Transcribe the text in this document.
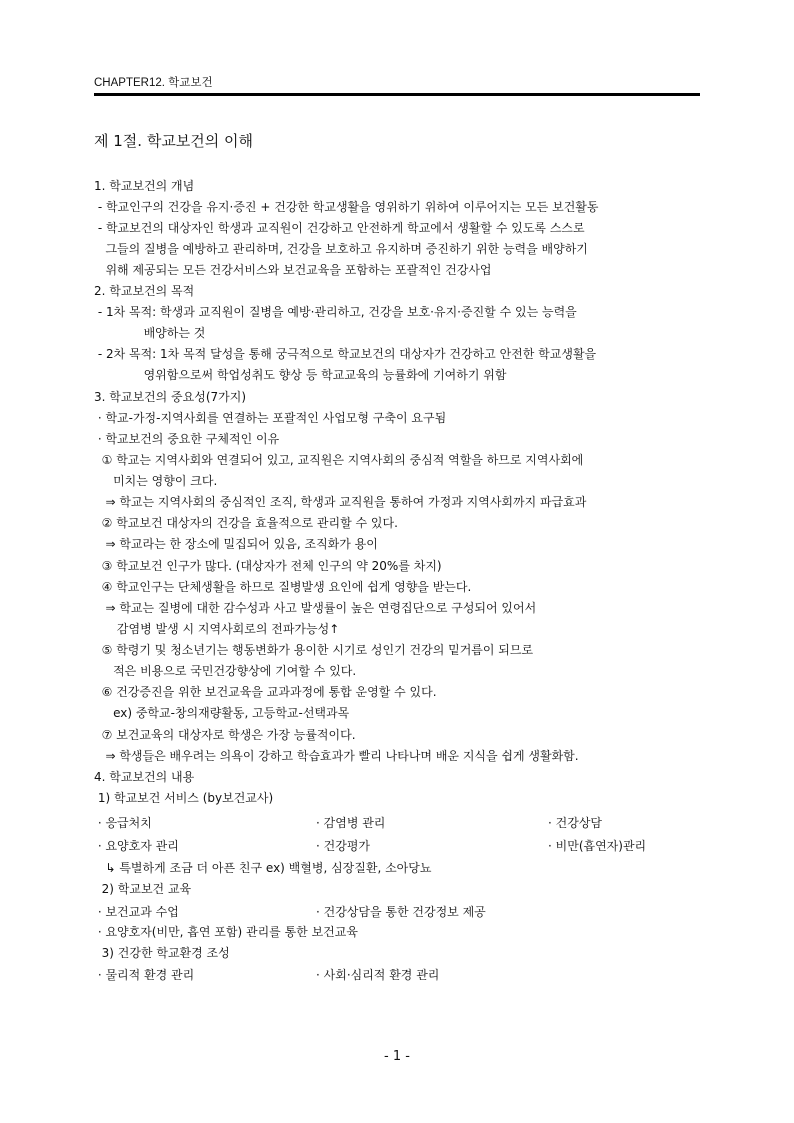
CHAPTER12. 학교보건
제 1절. 학교보건의 이해
1. 학교보건의 개념
- 학교인구의 건강을 유지·증진 + 건강한 학교생활을 영위하기 위하여 이루어지는 모든 보건활동
- 학교보건의 대상자인 학생과 교직원이 건강하고 안전하게 학교에서 생활할 수 있도록 스스로
그들의 질병을 예방하고 관리하며, 건강을 보호하고 유지하며 증진하기 위한 능력을 배양하기
위해 제공되는 모든 건강서비스와 보건교육을 포함하는 포괄적인 건강사업
2. 학교보건의 목적
- 1차 목적: 학생과 교직원이 질병을 예방·관리하고, 건강을 보호·유지·증진할 수 있는 능력을
배양하는 것
- 2차 목적: 1차 목적 달성을 통해 궁극적으로 학교보건의 대상자가 건강하고 안전한 학교생활을
영위함으로써 학업성취도 향상 등 학교교육의 능률화에 기여하기 위함
3. 학교보건의 중요성(7가지)
· 학교-가정-지역사회를 연결하는 포괄적인 사업모형 구축이 요구됨
· 학교보건의 중요한 구체적인 이유
① 학교는 지역사회와 연결되어 있고, 교직원은 지역사회의 중심적 역할을 하므로 지역사회에
미치는 영향이 크다.
⇒ 학교는 지역사회의 중심적인 조직, 학생과 교직원을 통하여 가정과 지역사회까지 파급효과
② 학교보건 대상자의 건강을 효율적으로 관리할 수 있다.
⇒ 학교라는 한 장소에 밀집되어 있음, 조직화가 용이
③ 학교보건 인구가 많다. (대상자가 전체 인구의 약 20%를 차지)
④ 학교인구는 단체생활을 하므로 질병발생 요인에 쉽게 영향을 받는다.
⇒ 학교는 질병에 대한 감수성과 사고 발생률이 높은 연령집단으로 구성되어 있어서
감염병 발생 시 지역사회로의 전파가능성↑
⑤ 학령기 및 청소년기는 행동변화가 용이한 시기로 성인기 건강의 밑거름이 되므로
적은 비용으로 국민건강향상에 기여할 수 있다.
⑥ 건강증진을 위한 보건교육을 교과과정에 통합 운영할 수 있다.
ex) 중학교-창의재량활동, 고등학교-선택과목
⑦ 보건교육의 대상자로 학생은 가장 능률적이다.
⇒ 학생들은 배우려는 의욕이 강하고 학습효과가 빨리 나타나며 배운 지식을 쉽게 생활화함.
4. 학교보건의 내용
1) 학교보건 서비스 (by보건교사)
· 응급처치	· 감염병 관리	· 건강상담
· 요양호자 관리	· 건강평가	· 비만(흡연자)관리
↳ 특별하게 조금 더 아픈 친구 ex) 백혈병, 심장질환, 소아당뇨
2) 학교보건 교육
· 보건교과 수업	· 건강상담을 통한 건강정보 제공
· 요양호자(비만, 흡연 포함) 관리를 통한 보건교육
3) 건강한 학교환경 조성
· 물리적 환경 관리	· 사회·심리적 환경 관리
- 1 -
